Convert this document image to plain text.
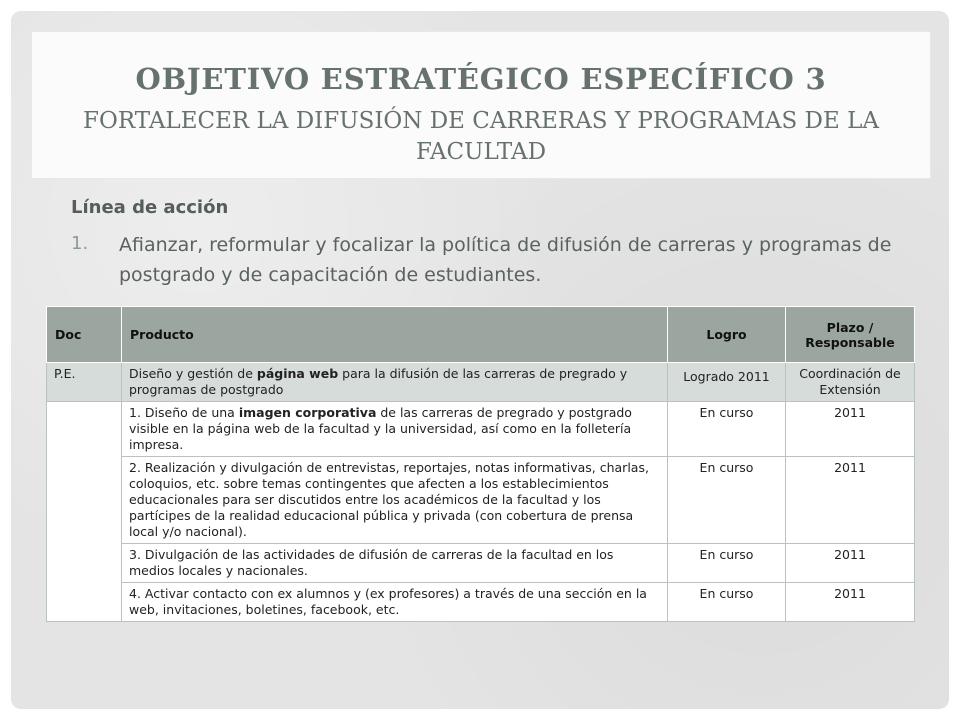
OBJETIVO ESTRATÉGICO ESPECÍFICO 3
FORTALECER LA DIFUSIÓN DE CARRERAS Y PROGRAMAS DE LA FACULTAD
Línea de acción
1. Afianzar, reformular y focalizar la política de difusión de carreras y programas de postgrado y de capacitación de estudiantes.
Doc	Producto	Logro	Plazo / Responsable
P.E.	Diseño y gestión de página web para la difusión de las carreras de pregrado y programas de postgrado	Logrado 2011	Coordinación de Extensión
	1. Diseño de una imagen corporativa de las carreras de pregrado y postgrado visible en la página web de la facultad y la universidad, así como en la folletería impresa.	En curso	2011
	2. Realización y divulgación de entrevistas, reportajes, notas informativas, charlas, coloquios, etc. sobre temas contingentes que afecten a los establecimientos educacionales para ser discutidos entre los académicos de la facultad y los partícipes de la realidad educacional pública y privada (con cobertura de prensa local y/o nacional).	En curso	2011
	3. Divulgación de las actividades de difusión de carreras de la facultad en los medios locales y nacionales.	En curso	2011
	4. Activar contacto con ex alumnos y (ex profesores) a través de una sección en la web, invitaciones, boletines, facebook, etc.	En curso	2011
